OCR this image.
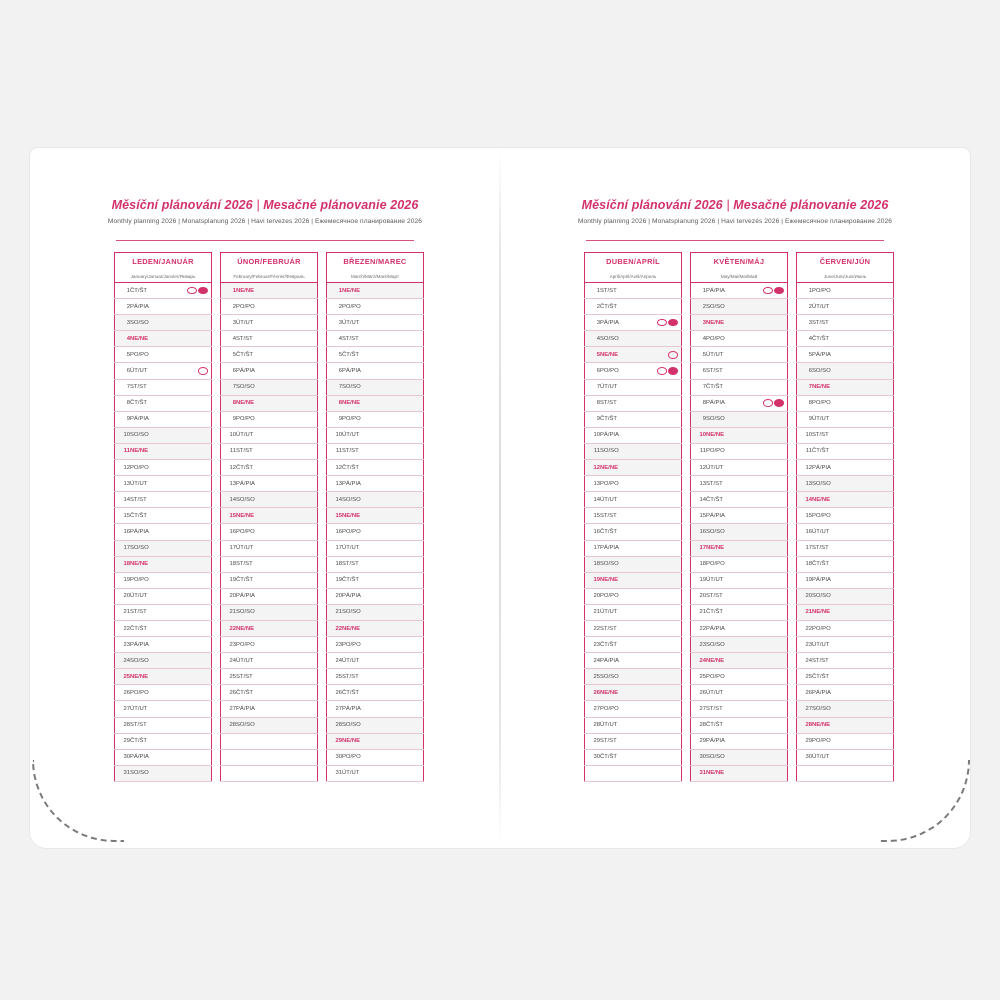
Měsíční plánování 2026 | Mesačné plánovanie 2026
Monthly planning 2026 | Monatsplanung 2026 | Havi tervezes 2026 | Ежемесячное планирование 2026
LEDEN/JANUÁR
January/Januar/Janvier/Январь
1	ČT/ŠT	

2	PÁ/PIA	
3	SO/SO	
4	NE/NE	
5	PO/PO	
6	ÚT/UT	

7	ST/ST	
8	ČT/ŠT	
9	PÁ/PIA	
10	SO/SO	
11	NE/NE	
12	PO/PO	
13	ÚT/UT	
14	ST/ST	
15	ČT/ŠT	
16	PÁ/PIA	
17	SO/SO	
18	NE/NE	
19	PO/PO	
20	ÚT/UT	
21	ST/ST	
22	ČT/ŠT	
23	PÁ/PIA	
24	SO/SO	
25	NE/NE	
26	PO/PO	
27	ÚT/UT	
28	ST/ST	
29	ČT/ŠT	
30	PÁ/PIA	
31	SO/SO	
ÚNOR/FEBRUÁR
February/Februar/Février/Февраль
1	NE/NE	
2	PO/PO	
3	ÚT/UT	
4	ST/ST	
5	ČT/ŠT	
6	PÁ/PIA	
7	SO/SO	
8	NE/NE	
9	PO/PO	
10	ÚT/UT	
11	ST/ST	
12	ČT/ŠT	
13	PÁ/PIA	
14	SO/SO	
15	NE/NE	
16	PO/PO	
17	ÚT/UT	
18	ST/ST	
19	ČT/ŠT	
20	PÁ/PIA	
21	SO/SO	
22	NE/NE	
23	PO/PO	
24	ÚT/UT	
25	ST/ST	
26	ČT/ŠT	
27	PÁ/PIA	
28	SO/SO	

BŘEZEN/MAREC
March/März/Mars/Март
1	NE/NE	
2	PO/PO	
3	ÚT/UT	
4	ST/ST	
5	ČT/ŠT	
6	PÁ/PIA	
7	SO/SO	
8	NE/NE	
9	PO/PO	
10	ÚT/UT	
11	ST/ST	
12	ČT/ŠT	
13	PÁ/PIA	
14	SO/SO	
15	NE/NE	
16	PO/PO	
17	ÚT/UT	
18	ST/ST	
19	ČT/ŠT	
20	PÁ/PIA	
21	SO/SO	
22	NE/NE	
23	PO/PO	
24	ÚT/UT	
25	ST/ST	
26	ČT/ŠT	
27	PÁ/PIA	
28	SO/SO	
29	NE/NE	
30	PO/PO	
31	ÚT/UT	
Měsíční plánování 2026 | Mesačné plánovanie 2026
Monthly planning 2026 | Monatsplanung 2026 | Havi tervezés 2026 | Ежемесячное планирование 2026
DUBEN/APRÍL
April/April/Avril/Апрель
1	ST/ST	
2	ČT/ŠT	
3	PÁ/PIA	

4	SO/SO	
5	NE/NE	

6	PO/PO	

7	ÚT/UT	
8	ST/ST	
9	ČT/ŠT	
10	PÁ/PIA	
11	SO/SO	
12	NE/NE	
13	PO/PO	
14	ÚT/UT	
15	ST/ST	
16	ČT/ŠT	
17	PÁ/PIA	
18	SO/SO	
19	NE/NE	
20	PO/PO	
21	ÚT/UT	
22	ST/ST	
23	ČT/ŠT	
24	PÁ/PIA	
25	SO/SO	
26	NE/NE	
27	PO/PO	
28	ÚT/UT	
29	ST/ST	
30	ČT/ŠT	

KVĚTEN/MÁJ
May/Mai/Mai/Май
1	PÁ/PIA	

2	SO/SO	
3	NE/NE	
4	PO/PO	
5	ÚT/UT	
6	ST/ST	
7	ČT/ŠT	
8	PÁ/PIA	

9	SO/SO	
10	NE/NE	
11	PO/PO	
12	ÚT/UT	
13	ST/ST	
14	ČT/ŠT	
15	PÁ/PIA	
16	SO/SO	
17	NE/NE	
18	PO/PO	
19	ÚT/UT	
20	ST/ST	
21	ČT/ŠT	
22	PÁ/PIA	
23	SO/SO	
24	NE/NE	
25	PO/PO	
26	ÚT/UT	
27	ST/ST	
28	ČT/ŠT	
29	PÁ/PIA	
30	SO/SO	
31	NE/NE	
ČERVEN/JÚN
June/Juni/Juin/Июнь
1	PO/PO	
2	ÚT/UT	
3	ST/ST	
4	ČT/ŠT	
5	PÁ/PIA	
6	SO/SO	
7	NE/NE	
8	PO/PO	
9	ÚT/UT	
10	ST/ST	
11	ČT/ŠT	
12	PÁ/PIA	
13	SO/SO	
14	NE/NE	
15	PO/PO	
16	ÚT/UT	
17	ST/ST	
18	ČT/ŠT	
19	PÁ/PIA	
20	SO/SO	
21	NE/NE	
22	PO/PO	
23	ÚT/UT	
24	ST/ST	
25	ČT/ŠT	
26	PÁ/PIA	
27	SO/SO	
28	NE/NE	
29	PO/PO	
30	ÚT/UT	
